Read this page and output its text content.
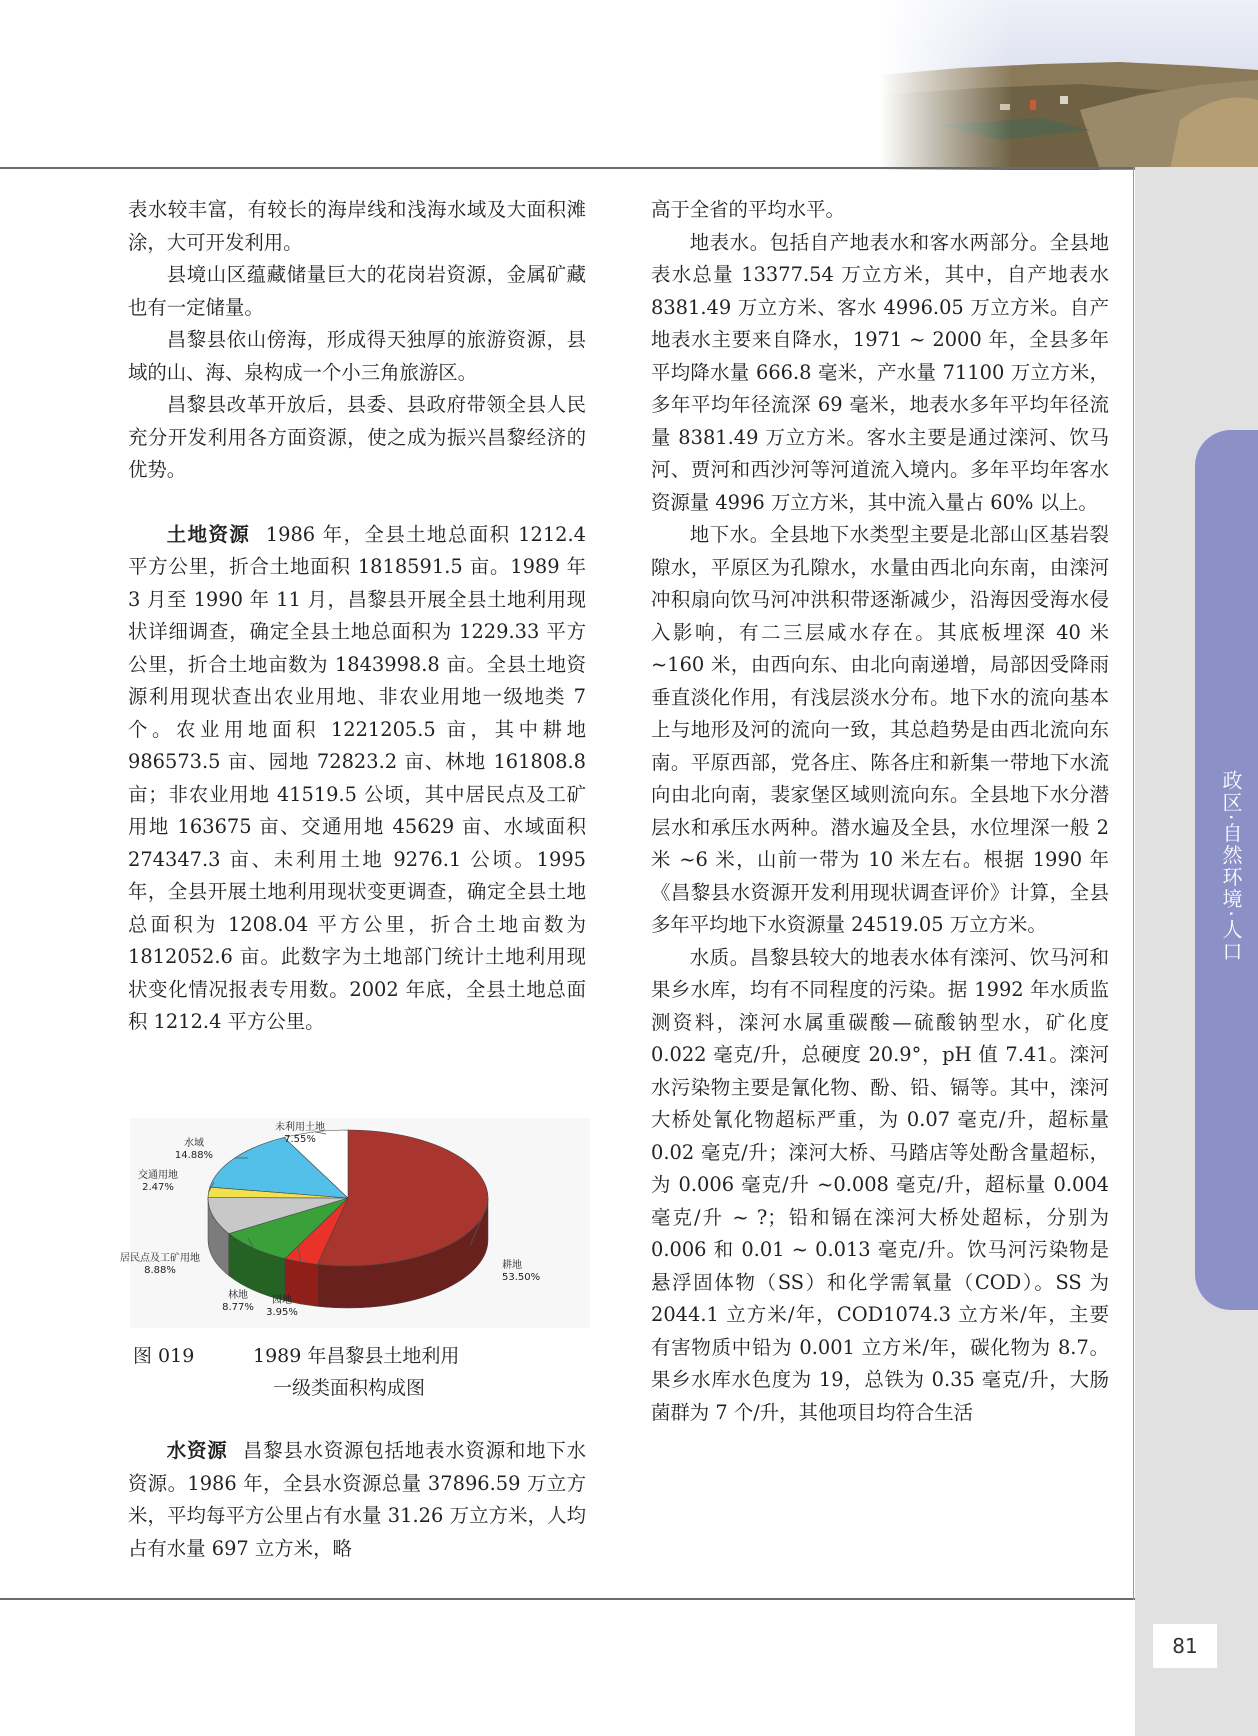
政区·自然环境·人口

表水较丰富，有较长的海岸线和浅海水域及大面积滩涂，大可开发利用。

县境山区蕴藏储量巨大的花岗岩资源，金属矿藏也有一定储量。

昌黎县依山傍海，形成得天独厚的旅游资源，县域的山、海、泉构成一个小三角旅游区。

昌黎县改革开放后，县委、县政府带领全县人民充分开发利用各方面资源，使之成为振兴昌黎经济的优势。

土地资源 1986 年，全县土地总面积 1212.4 平方公里，折合土地面积 1818591.5 亩。1989 年 3 月至 1990 年 11 月，昌黎县开展全县土地利用现状详细调查，确定全县土地总面积为 1229.33 平方公里，折合土地亩数为 1843998.8 亩。全县土地资源利用现状查出农业用地、非农业用地一级地类 7 个。农业用地面积 1221205.5 亩，其中耕地 986573.5 亩、园地 72823.2 亩、林地 161808.8 亩；非农业用地 41519.5 公顷，其中居民点及工矿用地 163675 亩、交通用地 45629 亩、水域面积 274347.3 亩、未利用土地 9276.1 公顷。1995 年，全县开展土地利用现状变更调查，确定全县土地总面积为 1208.04 平方公里，折合土地亩数为 1812052.6 亩。此数字为土地部门统计土地利用现状变化情况报表专用数。2002 年底，全县土地总面积 1212.4 平方公里。

耕地
53.50%
园地
3.95%
林地
8.77%
居民点及工矿用地
8.88%
交通用地
2.47%
水域
14.88%
未利用土地
7.55%
图 019	1989 年昌黎县土地利用
一级类面积构成图

水资源 昌黎县水资源包括地表水资源和地下水资源。1986 年，全县水资源总量 37896.59 万立方米，平均每平方公里占有水量 31.26 万立方米，人均占有水量 697 立方米，略

高于全省的平均水平。

地表水。包括自产地表水和客水两部分。全县地表水总量 13377.54 万立方米，其中，自产地表水 8381.49 万立方米、客水 4996.05 万立方米。自产地表水主要来自降水，1971 ~ 2000 年，全县多年平均降水量 666.8 毫米，产水量 71100 万立方米，多年平均年径流深 69 毫米，地表水多年平均年径流量 8381.49 万立方米。客水主要是通过滦河、饮马河、贾河和西沙河等河道流入境内。多年平均年客水资源量 4996 万立方米，其中流入量占 60% 以上。

地下水。全县地下水类型主要是北部山区基岩裂隙水，平原区为孔隙水，水量由西北向东南，由滦河冲积扇向饮马河冲洪积带逐渐减少，沿海因受海水侵入影响，有二三层咸水存在。其底板埋深 40 米 ~160 米，由西向东、由北向南递增，局部因受降雨垂直淡化作用，有浅层淡水分布。地下水的流向基本上与地形及河的流向一致，其总趋势是由西北流向东南。平原西部，党各庄、陈各庄和新集一带地下水流向由北向南，裴家堡区域则流向东。全县地下水分潜层水和承压水两种。潜水遍及全县，水位埋深一般 2 米 ~6 米，山前一带为 10 米左右。根据 1990 年《昌黎县水资源开发利用现状调查评价》计算，全县多年平均地下水资源量 24519.05 万立方米。

水质。昌黎县较大的地表水体有滦河、饮马河和果乡水库，均有不同程度的污染。据 1992 年水质监测资料，滦河水属重碳酸—硫酸钠型水，矿化度 0.022 毫克/升，总硬度 20.9°，pH 值 7.41。滦河水污染物主要是氰化物、酚、铅、镉等。其中，滦河大桥处氰化物超标严重，为 0.07 毫克/升，超标量 0.02 毫克/升；滦河大桥、马踏店等处酚含量超标，为 0.006 毫克/升 ~0.008 毫克/升，超标量 0.004 毫克/升 ~ ?；铅和镉在滦河大桥处超标，分别为 0.006 和 0.01 ~ 0.013 毫克/升。饮马河污染物是悬浮固体物（SS）和化学需氧量（COD）。SS 为 2044.1 立方米/年，COD1074.3 立方米/年，主要有害物质中铅为 0.001 立方米/年，碳化物为 8.7。果乡水库水色度为 19，总铁为 0.35 毫克/升，大肠菌群为 7 个/升，其他项目均符合生活

81
